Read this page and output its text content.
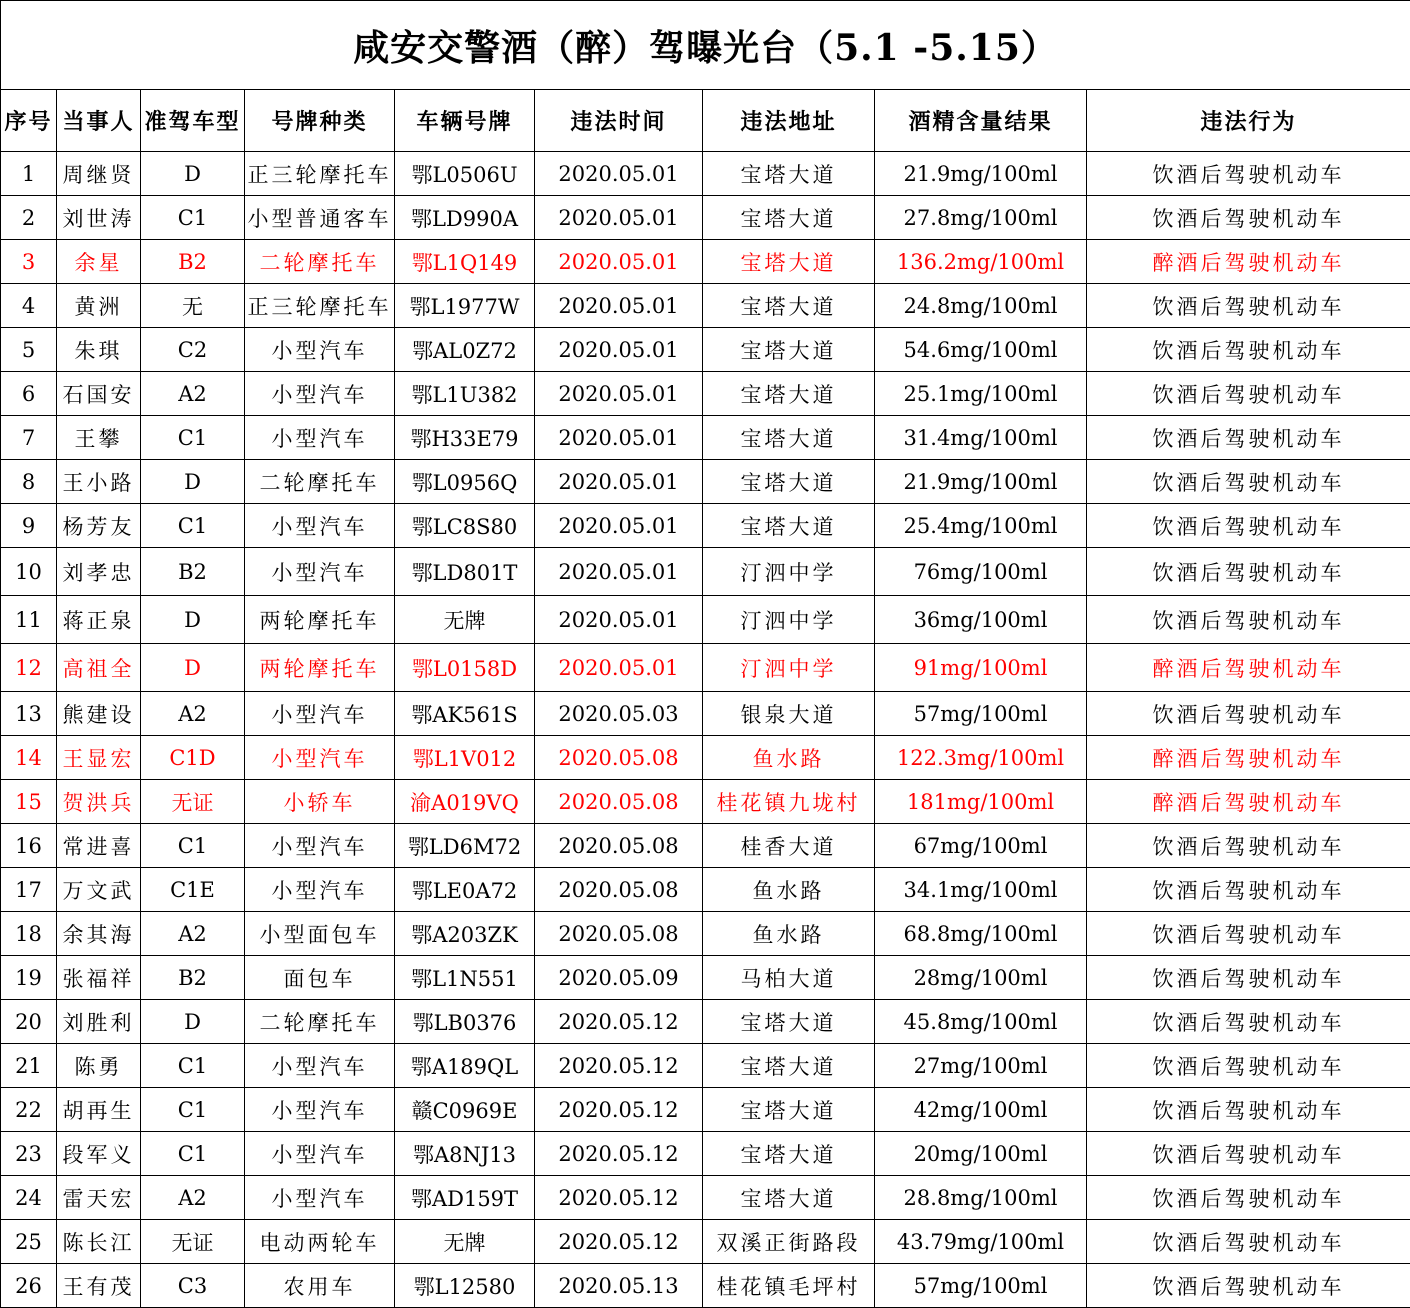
咸安交警酒（醉）驾曝光台（5.1 -5.15）								
序号	当事人	准驾车型	号牌种类	车辆号牌	违法时间	违法地址	酒精含量结果	违法行为
1	周继贤	D	正三轮摩托车	鄂L0506U	2020.05.01	宝塔大道	21.9mg/100ml	饮酒后驾驶机动车
2	刘世涛	C1	小型普通客车	鄂LD990A	2020.05.01	宝塔大道	27.8mg/100ml	饮酒后驾驶机动车
3	余星	B2	二轮摩托车	鄂L1Q149	2020.05.01	宝塔大道	136.2mg/100ml	醉酒后驾驶机动车
4	黄洲	无	正三轮摩托车	鄂L1977W	2020.05.01	宝塔大道	24.8mg/100ml	饮酒后驾驶机动车
5	朱琪	C2	小型汽车	鄂AL0Z72	2020.05.01	宝塔大道	54.6mg/100ml	饮酒后驾驶机动车
6	石国安	A2	小型汽车	鄂L1U382	2020.05.01	宝塔大道	25.1mg/100ml	饮酒后驾驶机动车
7	王攀	C1	小型汽车	鄂H33E79	2020.05.01	宝塔大道	31.4mg/100ml	饮酒后驾驶机动车
8	王小路	D	二轮摩托车	鄂L0956Q	2020.05.01	宝塔大道	21.9mg/100ml	饮酒后驾驶机动车
9	杨芳友	C1	小型汽车	鄂LC8S80	2020.05.01	宝塔大道	25.4mg/100ml	饮酒后驾驶机动车
10	刘孝忠	B2	小型汽车	鄂LD801T	2020.05.01	汀泗中学	76mg/100ml	饮酒后驾驶机动车
11	蒋正泉	D	两轮摩托车	无牌	2020.05.01	汀泗中学	36mg/100ml	饮酒后驾驶机动车
12	高祖全	D	两轮摩托车	鄂L0158D	2020.05.01	汀泗中学	91mg/100ml	醉酒后驾驶机动车
13	熊建设	A2	小型汽车	鄂AK561S	2020.05.03	银泉大道	57mg/100ml	饮酒后驾驶机动车
14	王显宏	C1D	小型汽车	鄂L1V012	2020.05.08	鱼水路	122.3mg/100ml	醉酒后驾驶机动车
15	贺洪兵	无证	小轿车	渝A019VQ	2020.05.08	桂花镇九垅村	181mg/100ml	醉酒后驾驶机动车
16	常进喜	C1	小型汽车	鄂LD6M72	2020.05.08	桂香大道	67mg/100ml	饮酒后驾驶机动车
17	万文武	C1E	小型汽车	鄂LE0A72	2020.05.08	鱼水路	34.1mg/100ml	饮酒后驾驶机动车
18	余其海	A2	小型面包车	鄂A203ZK	2020.05.08	鱼水路	68.8mg/100ml	饮酒后驾驶机动车
19	张福祥	B2	面包车	鄂L1N551	2020.05.09	马柏大道	28mg/100ml	饮酒后驾驶机动车
20	刘胜利	D	二轮摩托车	鄂LB0376	2020.05.12	宝塔大道	45.8mg/100ml	饮酒后驾驶机动车
21	陈勇	C1	小型汽车	鄂A189QL	2020.05.12	宝塔大道	27mg/100ml	饮酒后驾驶机动车
22	胡再生	C1	小型汽车	赣C0969E	2020.05.12	宝塔大道	42mg/100ml	饮酒后驾驶机动车
23	段军义	C1	小型汽车	鄂A8NJ13	2020.05.12	宝塔大道	20mg/100ml	饮酒后驾驶机动车
24	雷天宏	A2	小型汽车	鄂AD159T	2020.05.12	宝塔大道	28.8mg/100ml	饮酒后驾驶机动车
25	陈长江	无证	电动两轮车	无牌	2020.05.12	双溪正街路段	43.79mg/100ml	饮酒后驾驶机动车
26	王有茂	C3	农用车	鄂L12580	2020.05.13	桂花镇毛坪村	57mg/100ml	饮酒后驾驶机动车
